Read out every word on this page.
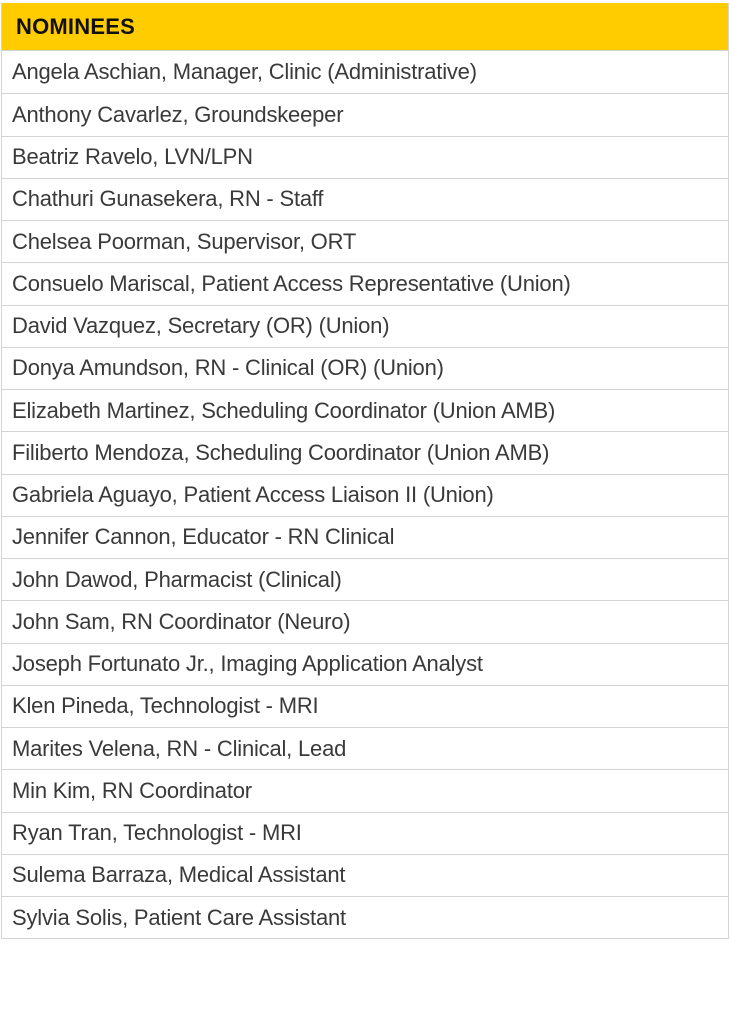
NOMINEES
Angela Aschian, Manager, Clinic (Administrative)
Anthony Cavarlez, Groundskeeper
Beatriz Ravelo, LVN/LPN
Chathuri Gunasekera, RN - Staff
Chelsea Poorman, Supervisor, ORT
Consuelo Mariscal, Patient Access Representative (Union)
David Vazquez, Secretary (OR) (Union)
Donya Amundson, RN - Clinical (OR) (Union)
Elizabeth Martinez, Scheduling Coordinator (Union AMB)
Filiberto Mendoza, Scheduling Coordinator (Union AMB)
Gabriela Aguayo, Patient Access Liaison II (Union)
Jennifer Cannon, Educator - RN Clinical
John Dawod, Pharmacist (Clinical)
John Sam, RN Coordinator (Neuro)
Joseph Fortunato Jr., Imaging Application Analyst
Klen Pineda, Technologist - MRI
Marites Velena, RN - Clinical, Lead
Min Kim, RN Coordinator
Ryan Tran, Technologist - MRI
Sulema Barraza, Medical Assistant
Sylvia Solis, Patient Care Assistant
